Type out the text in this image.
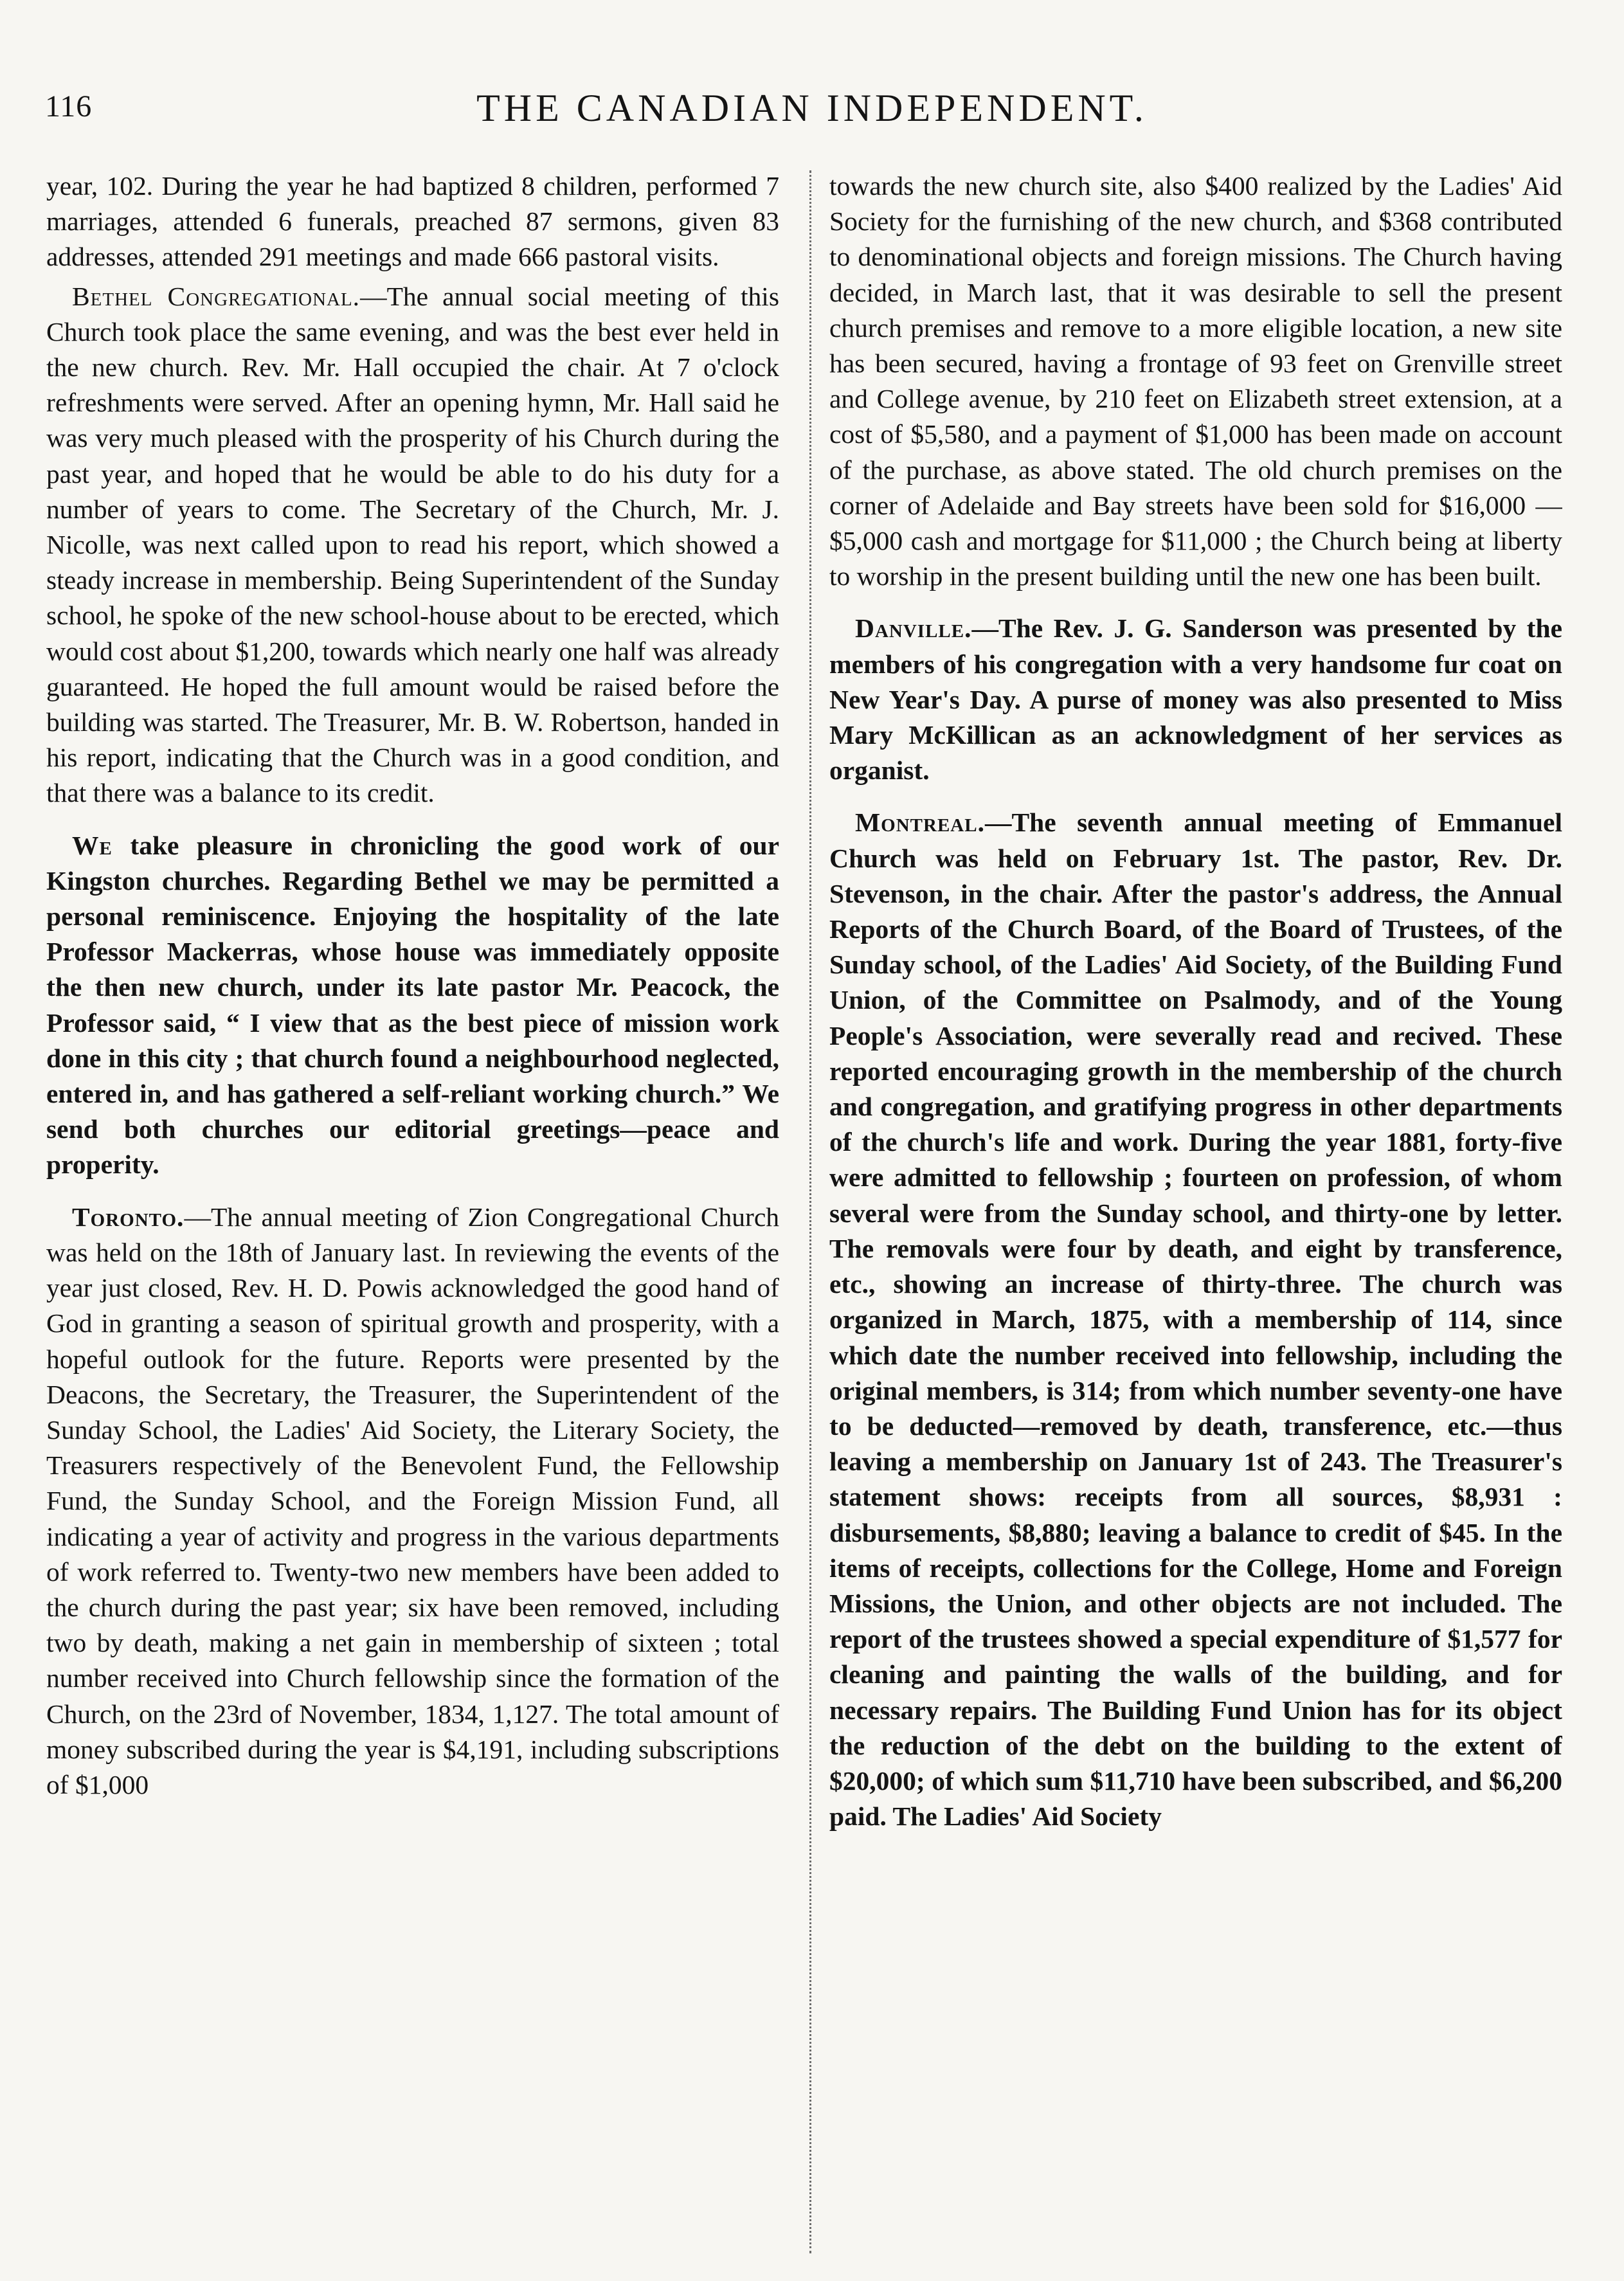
116	THE CANADIAN INDEPENDENT.

year, 102. During the year he had baptized 8 children, performed 7 marriages, attended 6 funerals, preached 87 sermons, given 83 addresses, attended 291 meetings and made 666 pastoral visits.

Bethel Congregational.—The annual social meeting of this Church took place the same evening, and was the best ever held in the new church. Rev. Mr. Hall occupied the chair. At 7 o'clock refreshments were served. After an opening hymn, Mr. Hall said he was very much pleased with the prosperity of his Church during the past year, and hoped that he would be able to do his duty for a number of years to come. The Secretary of the Church, Mr. J. Nicolle, was next called upon to read his report, which showed a steady increase in membership. Being Superintendent of the Sunday school, he spoke of the new school-house about to be erected, which would cost about $1,200, towards which nearly one half was already guaranteed. He hoped the full amount would be raised before the building was started. The Treasurer, Mr. B. W. Robertson, handed in his report, indicating that the Church was in a good condition, and that there was a balance to its credit.

We take pleasure in chronicling the good work of our Kingston churches. Regarding Bethel we may be permitted a personal reminiscence. Enjoying the hospitality of the late Professor Mackerras, whose house was immediately opposite the then new church, under its late pastor Mr. Peacock, the Professor said, “ I view that as the best piece of mission work done in this city ; that church found a neighbourhood neglected, entered in, and has gathered a self-reliant working church.” We send both churches our editorial greetings—peace and properity.

Toronto.—The annual meeting of Zion Congregational Church was held on the 18th of January last. In reviewing the events of the year just closed, Rev. H. D. Powis acknowledged the good hand of God in granting a season of spiritual growth and prosperity, with a hopeful outlook for the future. Reports were presented by the Deacons, the Secretary, the Treasurer, the Superintendent of the Sunday School, the Ladies' Aid Society, the Literary Society, the Treasurers respectively of the Benevolent Fund, the Fellowship Fund, the Sunday School, and the Foreign Mission Fund, all indicating a year of activity and progress in the various departments of work referred to. Twenty-two new members have been added to the church during the past year; six have been removed, including two by death, making a net gain in membership of sixteen ; total number received into Church fellowship since the formation of the Church, on the 23rd of November, 1834, 1,127. The total amount of money subscribed during the year is $4,191, including subscriptions of $1,000

towards the new church site, also $400 realized by the Ladies' Aid Society for the furnishing of the new church, and $368 contributed to denominational objects and foreign missions. The Church having decided, in March last, that it was desirable to sell the present church premises and remove to a more eligible location, a new site has been secured, having a frontage of 93 feet on Grenville street and College avenue, by 210 feet on Elizabeth street extension, at a cost of $5,580, and a payment of $1,000 has been made on account of the purchase, as above stated. The old church premises on the corner of Adelaide and Bay streets have been sold for $16,000 —$5,000 cash and mortgage for $11,000 ; the Church being at liberty to worship in the present building until the new one has been built.

Danville.—The Rev. J. G. Sanderson was presented by the members of his congregation with a very handsome fur coat on New Year's Day. A purse of money was also presented to Miss Mary McKillican as an acknowledgment of her services as organist.

Montreal.—The seventh annual meeting of Emmanuel Church was held on February 1st. The pastor, Rev. Dr. Stevenson, in the chair. After the pastor's address, the Annual Reports of the Church Board, of the Board of Trustees, of the Sunday school, of the Ladies' Aid Society, of the Building Fund Union, of the Committee on Psalmody, and of the Young People's Association, were severally read and recived. These reported encouraging growth in the membership of the church and congregation, and gratifying progress in other departments of the church's life and work. During the year 1881, forty-five were admitted to fellowship ; fourteen on profession, of whom several were from the Sunday school, and thirty-one by letter. The removals were four by death, and eight by transference, etc., showing an increase of thirty-three. The church was organized in March, 1875, with a membership of 114, since which date the number received into fellowship, including the original members, is 314; from which number seventy-one have to be deducted—removed by death, transference, etc.—thus leaving a membership on January 1st of 243. The Treasurer's statement shows: receipts from all sources, $8,931 : disbursements, $8,880; leaving a balance to credit of $45. In the items of receipts, collections for the College, Home and Foreign Missions, the Union, and other objects are not included. The report of the trustees showed a special expenditure of $1,577 for cleaning and painting the walls of the building, and for necessary repairs. The Building Fund Union has for its object the reduction of the debt on the building to the extent of $20,000; of which sum $11,710 have been subscribed, and $6,200 paid. The Ladies' Aid Society
